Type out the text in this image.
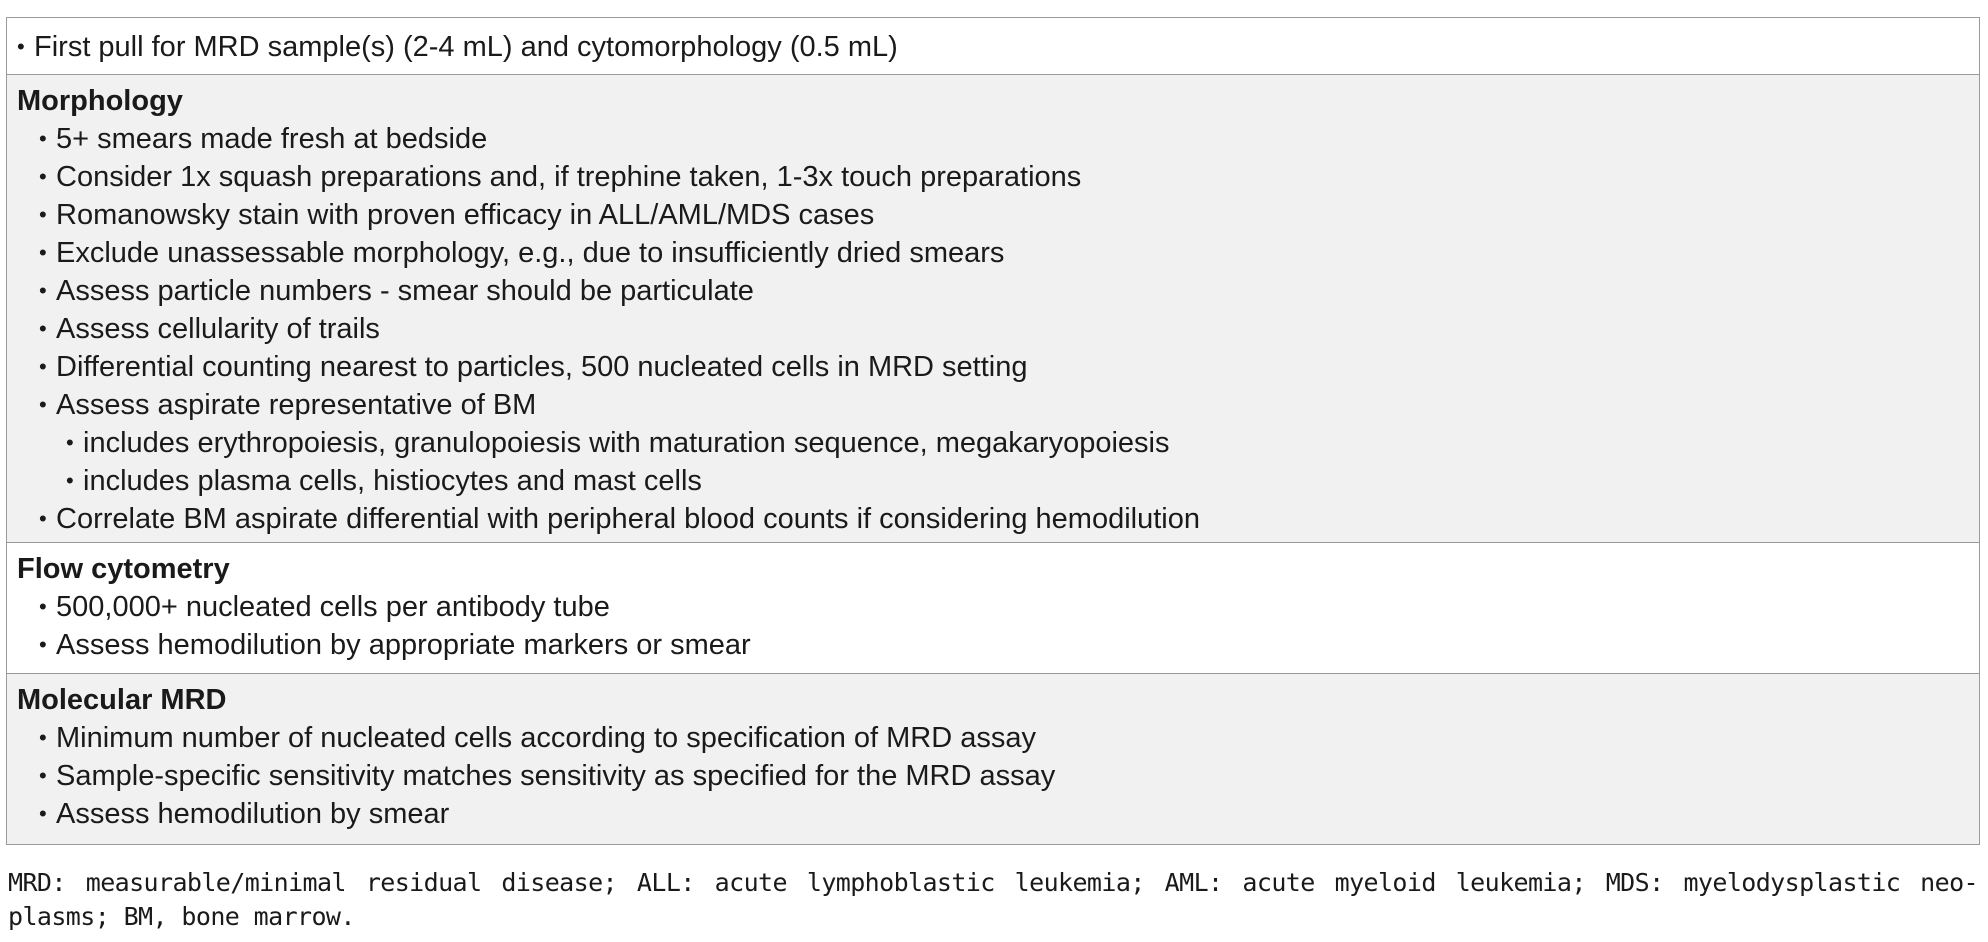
• First pull for MRD sample(s) (2-4 mL) and cytomorphology (0.5 mL)
Morphology
• 5+ smears made fresh at bedside
• Consider 1x squash preparations and, if trephine taken, 1-3x touch preparations
• Romanowsky stain with proven efficacy in ALL/AML/MDS cases
• Exclude unassessable morphology, e.g., due to insufficiently dried smears
• Assess particle numbers - smear should be particulate
• Assess cellularity of trails
• Differential counting nearest to particles, 500 nucleated cells in MRD setting
• Assess aspirate representative of BM
• includes erythropoiesis, granulopoiesis with maturation sequence, megakaryopoiesis
• includes plasma cells, histiocytes and mast cells
• Correlate BM aspirate differential with peripheral blood counts if considering hemodilution
Flow cytometry
• 500,000+ nucleated cells per antibody tube
• Assess hemodilution by appropriate markers or smear
Molecular MRD
• Minimum number of nucleated cells according to specification of MRD assay
• Sample-specific sensitivity matches sensitivity as specified for the MRD assay
• Assess hemodilution by smear
MRD: measurable/minimal residual disease; ALL: acute lymphoblastic leukemia; AML: acute myeloid leukemia; MDS: myelodysplastic neo-plasms; BM, bone marrow.
